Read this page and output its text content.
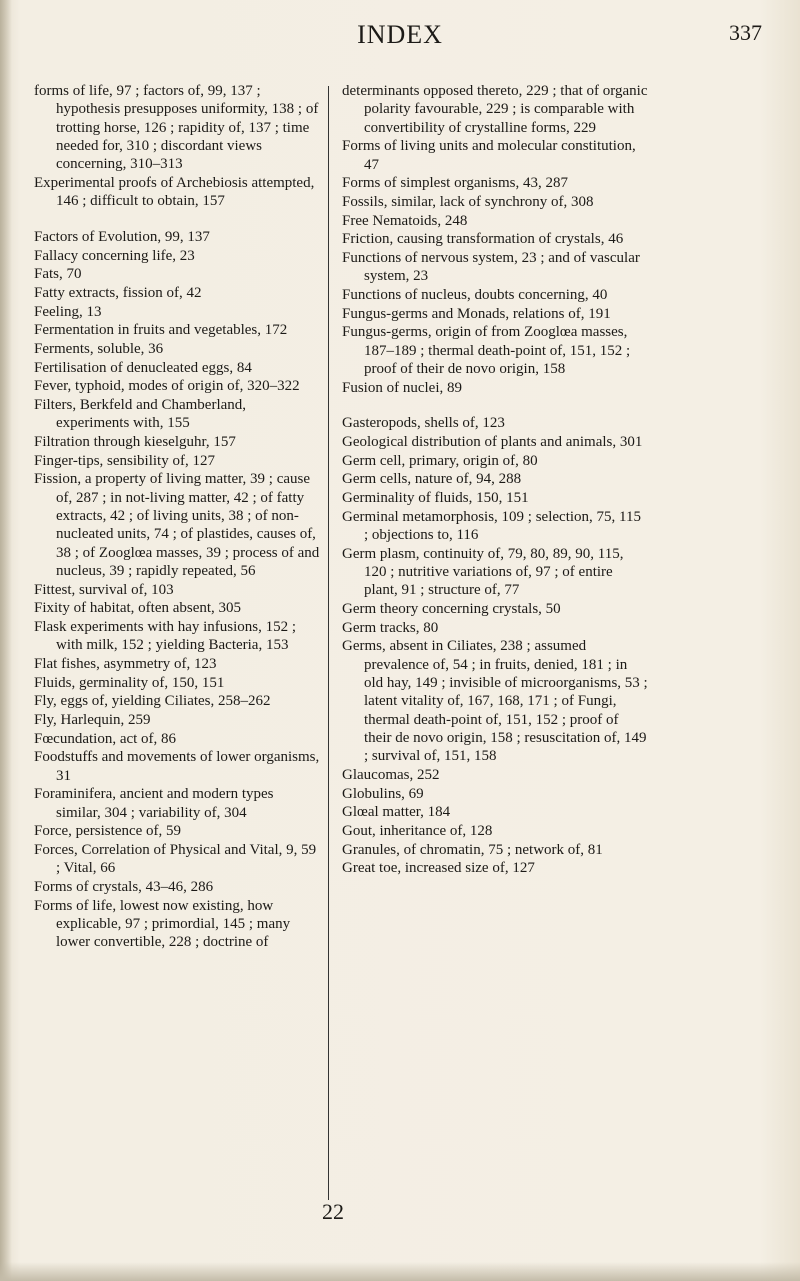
INDEX	337
forms of life, 97 ; factors of, 99, 137 ; hypothesis presupposes uniformity, 138 ; of trotting horse, 126 ; rapidity of, 137 ; time needed for, 310 ; discordant views concerning, 310–313
Experimental proofs of Archebiosis attempted, 146 ; difficult to obtain, 157
Factors of Evolution, 99, 137
Fallacy concerning life, 23
Fats, 70
Fatty extracts, fission of, 42
Feeling, 13
Fermentation in fruits and vegetables, 172
Ferments, soluble, 36
Fertilisation of denucleated eggs, 84
Fever, typhoid, modes of origin of, 320–322
Filters, Berkfeld and Chamberland, experiments with, 155
Filtration through kieselguhr, 157
Finger-tips, sensibility of, 127
Fission, a property of living matter, 39 ; cause of, 287 ; in not-living matter, 42 ; of fatty extracts, 42 ; of living units, 38 ; of non-nucleated units, 74 ; of plastides, causes of, 38 ; of Zooglœa masses, 39 ; process of and nucleus, 39 ; rapidly repeated, 56
Fittest, survival of, 103
Fixity of habitat, often absent, 305
Flask experiments with hay infusions, 152 ; with milk, 152 ; yielding Bacteria, 153
Flat fishes, asymmetry of, 123
Fluids, germinality of, 150, 151
Fly, eggs of, yielding Ciliates, 258–262
Fly, Harlequin, 259
Fœcundation, act of, 86
Foodstuffs and movements of lower organisms, 31
Foraminifera, ancient and modern types similar, 304 ; variability of, 304
Force, persistence of, 59
Forces, Correlation of Physical and Vital, 9, 59 ; Vital, 66
Forms of crystals, 43–46, 286
Forms of life, lowest now existing, how explicable, 97 ; primordial, 145 ; many lower convertible, 228 ; doctrine of
determinants opposed thereto, 229 ; that of organic polarity favourable, 229 ; is comparable with convertibility of crystalline forms, 229
Forms of living units and molecular constitution, 47
Forms of simplest organisms, 43, 287
Fossils, similar, lack of synchrony of, 308
Free Nematoids, 248
Friction, causing transformation of crystals, 46
Functions of nervous system, 23 ; and of vascular system, 23
Functions of nucleus, doubts concerning, 40
Fungus-germs and Monads, relations of, 191
Fungus-germs, origin of from Zooglœa masses, 187–189 ; thermal death-point of, 151, 152 ; proof of their de novo origin, 158
Fusion of nuclei, 89
Gasteropods, shells of, 123
Geological distribution of plants and animals, 301
Germ cell, primary, origin of, 80
Germ cells, nature of, 94, 288
Germinality of fluids, 150, 151
Germinal metamorphosis, 109 ; selection, 75, 115 ; objections to, 116
Germ plasm, continuity of, 79, 80, 89, 90, 115, 120 ; nutritive variations of, 97 ; of entire plant, 91 ; structure of, 77
Germ theory concerning crystals, 50
Germ tracks, 80
Germs, absent in Ciliates, 238 ; assumed prevalence of, 54 ; in fruits, denied, 181 ; in old hay, 149 ; invisible of microorganisms, 53 ; latent vitality of, 167, 168, 171 ; of Fungi, thermal death-point of, 151, 152 ; proof of their de novo origin, 158 ; resuscitation of, 149 ; survival of, 151, 158
Glaucomas, 252
Globulins, 69
Glœal matter, 184
Gout, inheritance of, 128
Granules, of chromatin, 75 ; network of, 81
Great toe, increased size of, 127
22
